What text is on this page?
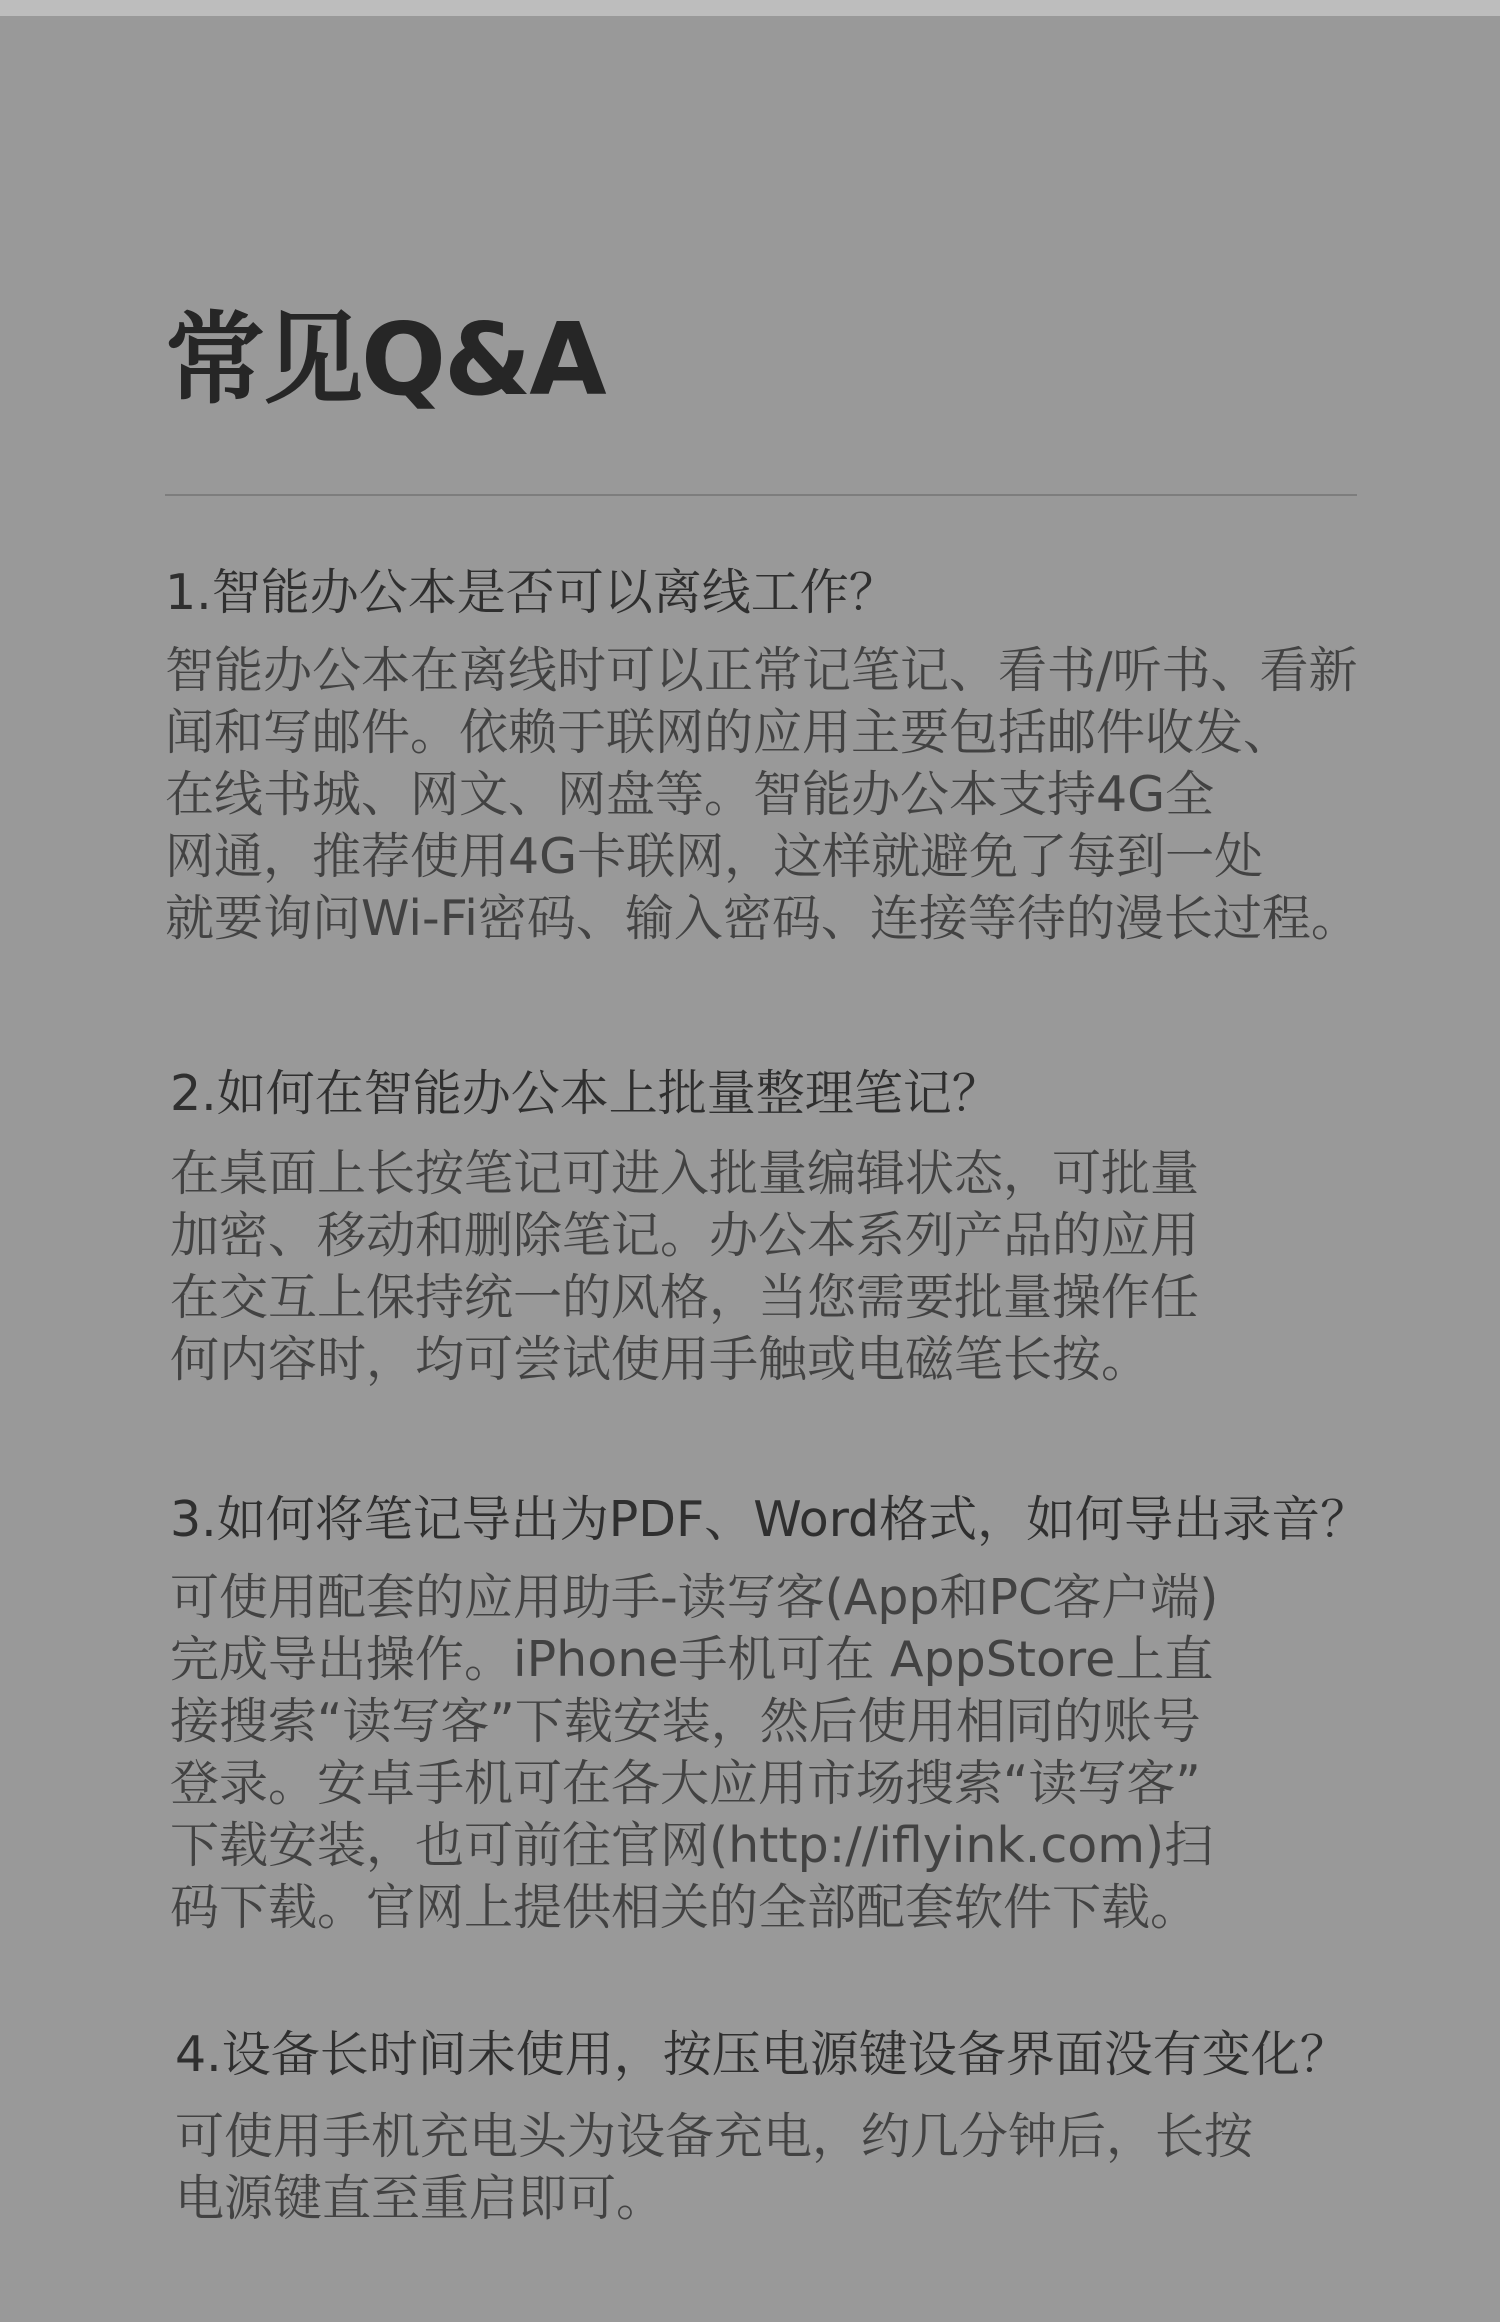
常见Q&A
1.智能办公本是否可以离线工作？
智能办公本在离线时可以正常记笔记、看书/听书、看新
闻和写邮件。依赖于联网的应用主要包括邮件收发、
在线书城、网文、网盘等。智能办公本支持4G全
网通，推荐使用4G卡联网，这样就避免了每到一处
就要询问Wi-Fi密码、输入密码、连接等待的漫长过程。
2.如何在智能办公本上批量整理笔记？
在桌面上长按笔记可进入批量编辑状态，可批量
加密、移动和删除笔记。办公本系列产品的应用
在交互上保持统一的风格，当您需要批量操作任
何内容时，均可尝试使用手触或电磁笔长按。
3.如何将笔记导出为PDF、Word格式，如何导出录音？
可使用配套的应用助手-读写客(App和PC客户端)
完成导出操作。iPhone手机可在 AppStore上直
接搜索“读写客”下载安装，然后使用相同的账号
登录。安卓手机可在各大应用市场搜索“读写客”
下载安装，也可前往官网(http://iflyink.com)扫
码下载。官网上提供相关的全部配套软件下载。
4.设备长时间未使用，按压电源键设备界面没有变化？
可使用手机充电头为设备充电，约几分钟后，长按
电源键直至重启即可。
